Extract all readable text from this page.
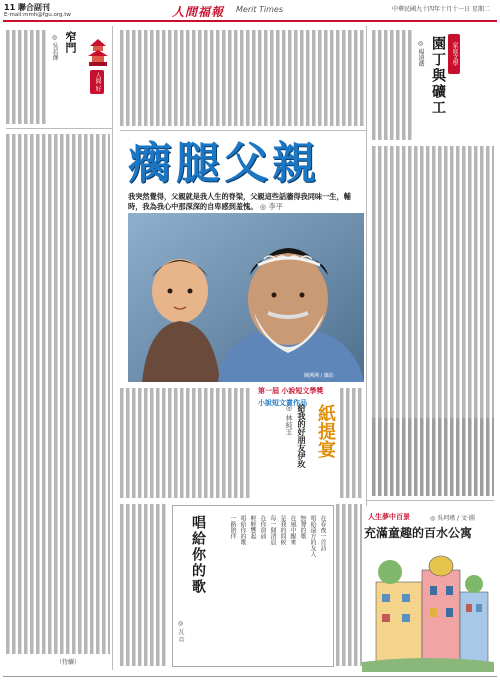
11 聯合副刊
E-mail:mmh@fgu.org.tw	人間福報 Merit Times	中華民國九十四年十月十一日 星期二
◎ 吳若澤 窄門
人間 好文
（待續）
家庭文學
園丁與礦工
◎ 楊遠薇
瘸腿父親
我突然覺得，父親就是我人生的脊梁，父親這些話牆得我同味一生，輔時，我為我心中那深深的自卑感到羞愧。 ◎ 李平
陳溯溯 / 攝影
第一屆 小說短文學獎
小說短文賞作品
紙提宴
給我的好朋友伊玫
◎ 林純玉
唱給你的歌
◎ 瓦 旦
在春夜一首詩
唱給遠方的友人
無聲的歌
在風中醒來
是我的問候
每一個清晨
在你窗前
輕輕響起
唱給你的歌
一路陪伴	人生夢中百景	◎ 吳珂瑾 / 文‧圖
充滿童趣的百水公寓
